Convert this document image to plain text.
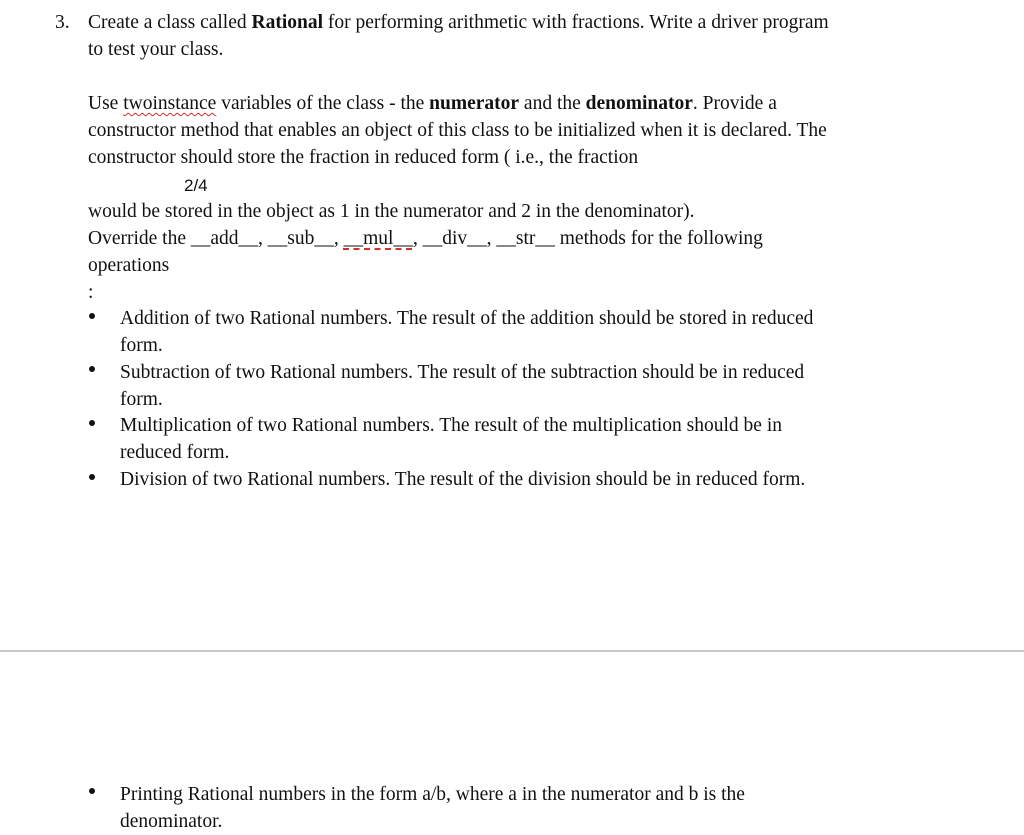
3. Create a class called Rational for performing arithmetic with fractions. Write a driver program
to test your class.
Use twoinstance variables of the class - the numerator and the denominator. Provide a
constructor method that enables an object of this class to be initialized when it is declared. The
constructor should store the fraction in reduced form ( i.e., the fraction
2/4
would be stored in the object as 1 in the numerator and 2 in the denominator).
Override the __add__, __sub__, __mul__, __div__, __str__ methods for the following
operations
:
Addition of two Rational numbers. The result of the addition should be stored in reduced
form.
Subtraction of two Rational numbers. The result of the subtraction should be in reduced
form.
Multiplication of two Rational numbers. The result of the multiplication should be in
reduced form.
Division of two Rational numbers. The result of the division should be in reduced form.
Printing Rational numbers in the form a/b, where a in the numerator and b is the
denominator.
